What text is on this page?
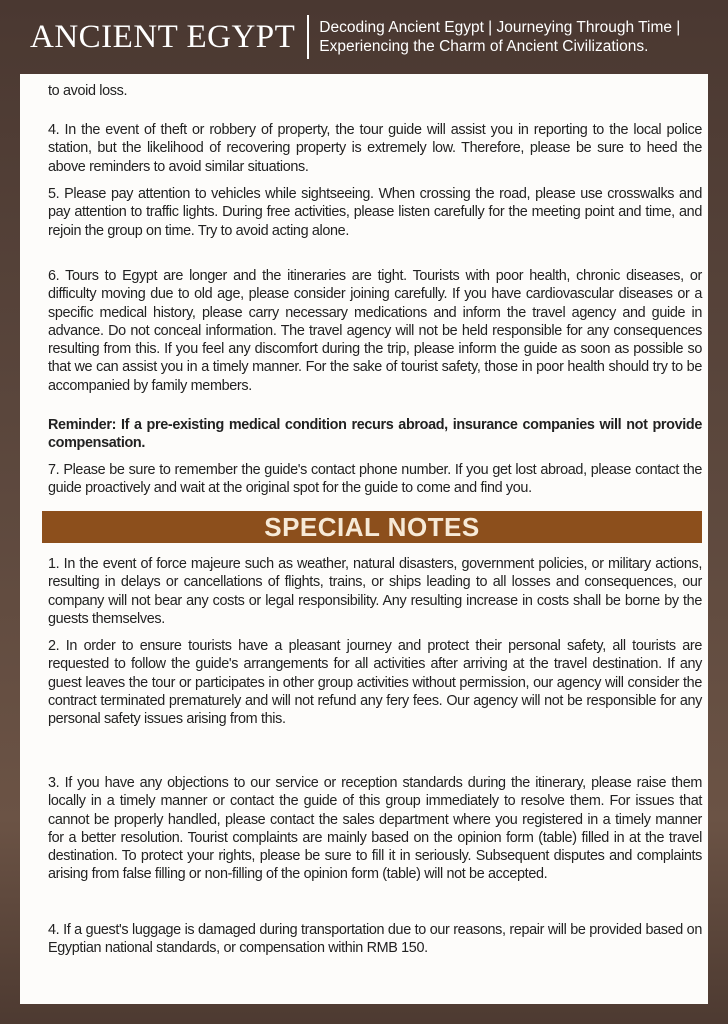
ANCIENT EGYPT Decoding Ancient Egypt | Journeying Through Time |
Experiencing the Charm of Ancient Civilizations.

to avoid loss.

4. In the event of theft or robbery of property, the tour guide will assist you in reporting to the local police station, but the likelihood of recovering property is extremely low. Therefore, please be sure to heed the above reminders to avoid similar situations.

5. Please pay attention to vehicles while sightseeing. When crossing the road, please use crosswalks and pay attention to traffic lights. During free activities, please listen carefully for the meeting point and time, and rejoin the group on time. Try to avoid acting alone.

6. Tours to Egypt are longer and the itineraries are tight. Tourists with poor health, chronic diseases, or difficulty moving due to old age, please consider joining carefully. If you have cardiovascular diseases or a specific medical history, please carry necessary medications and inform the travel agency and guide in advance. Do not conceal information. The travel agency will not be held responsible for any consequences resulting from this. If you feel any discomfort during the trip, please inform the guide as soon as possible so that we can assist you in a timely manner. For the sake of tourist safety, those in poor health should try to be accompanied by family members.

Reminder: If a pre-existing medical condition recurs abroad, insurance companies will not provide compensation.

7. Please be sure to remember the guide's contact phone number. If you get lost abroad, please contact the guide proactively and wait at the original spot for the guide to come and find you.

SPECIAL NOTES

1. In the event of force majeure such as weather, natural disasters, government policies, or military actions, resulting in delays or cancellations of flights, trains, or ships leading to all losses and consequences, our company will not bear any costs or legal responsibility. Any resulting increase in costs shall be borne by the guests themselves.

2. In order to ensure tourists have a pleasant journey and protect their personal safety, all tourists are requested to follow the guide's arrangements for all activities after arriving at the travel destination. If any guest leaves the tour or participates in other group activities without permission, our agency will consider the contract terminated prematurely and will not refund any fery fees. Our agency will not be responsible for any personal safety issues arising from this.

3. If you have any objections to our service or reception standards during the itinerary, please raise them locally in a timely manner or contact the guide of this group immediately to resolve them. For issues that cannot be properly handled, please contact the sales department where you registered in a timely manner for a better resolution. Tourist complaints are mainly based on the opinion form (table) filled in at the travel destination. To protect your rights, please be sure to fill it in seriously. Subsequent disputes and complaints arising from false filling or non-filling of the opinion form (table) will not be accepted.

4. If a guest's luggage is damaged during transportation due to our reasons, repair will be provided based on Egyptian national standards, or compensation within RMB 150.
